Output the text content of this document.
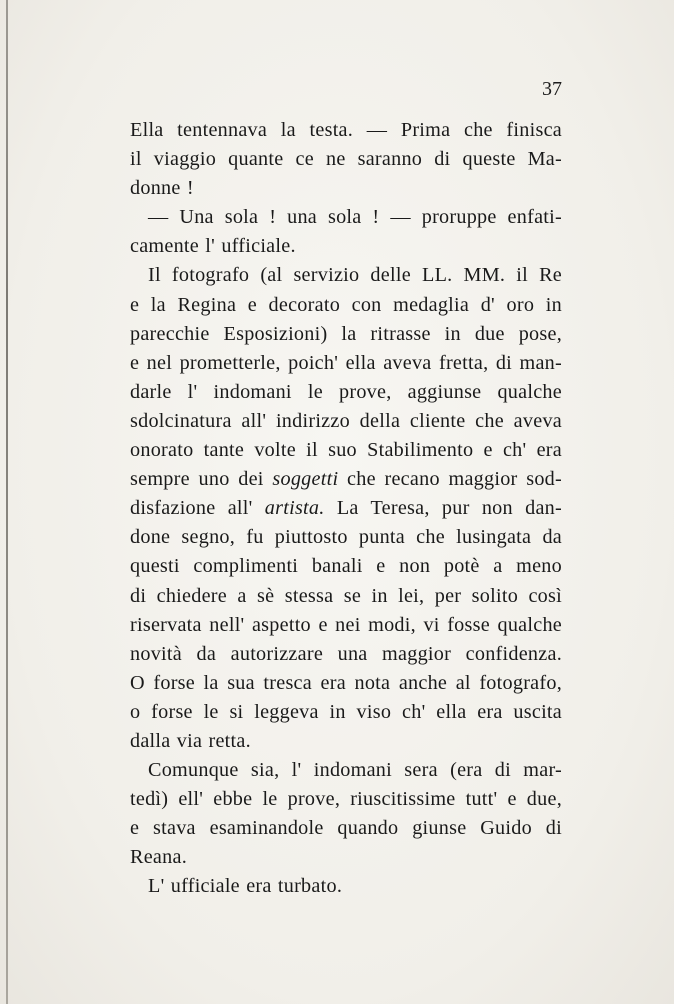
37
Ella tentennava la testa. — Prima che finisca
il viaggio quante ce ne saranno di queste Ma-
donne !
— Una sola ! una sola ! — proruppe enfati-
camente l' ufficiale.
Il fotografo (al servizio delle LL. MM. il Re
e la Regina e decorato con medaglia d' oro in
parecchie Esposizioni) la ritrasse in due pose,
e nel prometterle, poich' ella aveva fretta, di man-
darle l' indomani le prove, aggiunse qualche
sdolcinatura all' indirizzo della cliente che aveva
onorato tante volte il suo Stabilimento e ch' era
sempre uno dei soggetti che recano maggior sod-
disfazione all' artista. La Teresa, pur non dan-
done segno, fu piuttosto punta che lusingata da
questi complimenti banali e non potè a meno
di chiedere a sè stessa se in lei, per solito così
riservata nell' aspetto e nei modi, vi fosse qualche
novità da autorizzare una maggior confidenza.
O forse la sua tresca era nota anche al fotografo,
o forse le si leggeva in viso ch' ella era uscita
dalla via retta.
Comunque sia, l' indomani sera (era di mar-
tedì) ell' ebbe le prove, riuscitissime tutt' e due,
e stava esaminandole quando giunse Guido di
Reana.
L' ufficiale era turbato.
